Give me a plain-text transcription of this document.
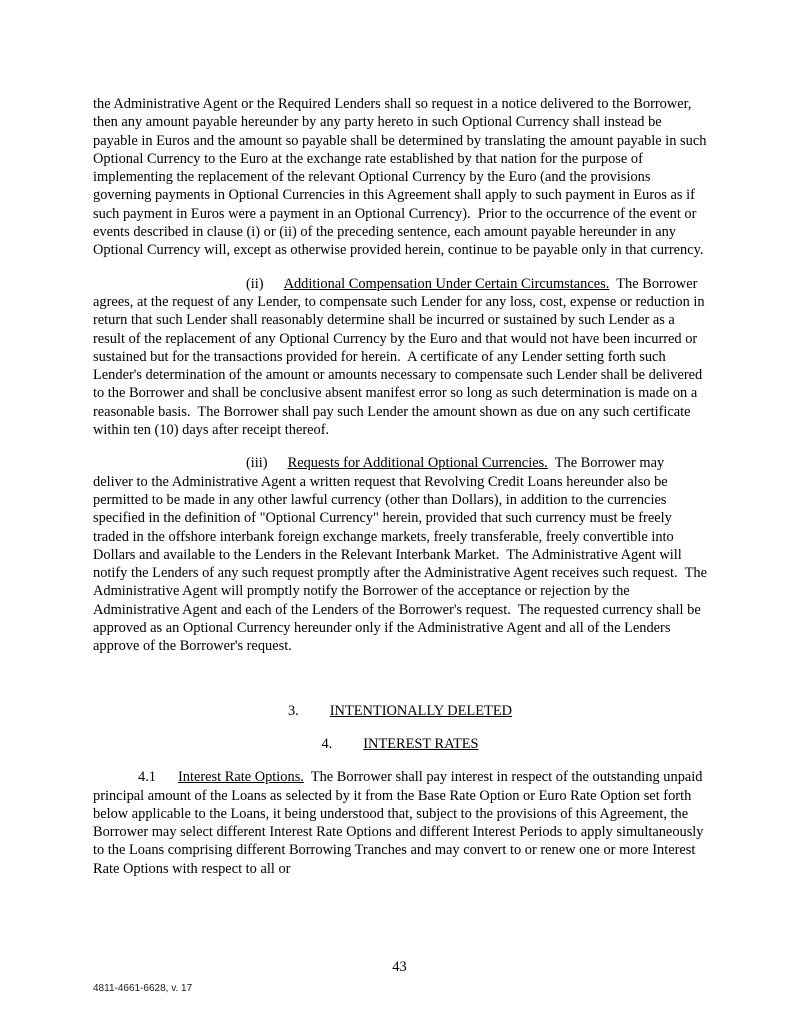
the Administrative Agent or the Required Lenders shall so request in a notice delivered to the Borrower, then any amount payable hereunder by any party hereto in such Optional Currency shall instead be payable in Euros and the amount so payable shall be determined by translating the amount payable in such Optional Currency to the Euro at the exchange rate established by that nation for the purpose of implementing the replacement of the relevant Optional Currency by the Euro (and the provisions governing payments in Optional Currencies in this Agreement shall apply to such payment in Euros as if such payment in Euros were a payment in an Optional Currency).  Prior to the occurrence of the event or events described in clause (i) or (ii) of the preceding sentence, each amount payable hereunder in any Optional Currency will, except as otherwise provided herein, continue to be payable only in that currency.

(ii) Additional Compensation Under Certain Circumstances.  The Borrower agrees, at the request of any Lender, to compensate such Lender for any loss, cost, expense or reduction in return that such Lender shall reasonably determine shall be incurred or sustained by such Lender as a result of the replacement of any Optional Currency by the Euro and that would not have been incurred or sustained but for the transactions provided for herein.  A certificate of any Lender setting forth such Lender's determination of the amount or amounts necessary to compensate such Lender shall be delivered to the Borrower and shall be conclusive absent manifest error so long as such determination is made on a reasonable basis.  The Borrower shall pay such Lender the amount shown as due on any such certificate within ten (10) days after receipt thereof.

(iii) Requests for Additional Optional Currencies.  The Borrower may deliver to the Administrative Agent a written request that Revolving Credit Loans hereunder also be permitted to be made in any other lawful currency (other than Dollars), in addition to the currencies specified in the definition of "Optional Currency" herein, provided that such currency must be freely traded in the offshore interbank foreign exchange markets, freely transferable, freely convertible into Dollars and available to the Lenders in the Relevant Interbank Market.  The Administrative Agent will notify the Lenders of any such request promptly after the Administrative Agent receives such request.  The Administrative Agent will promptly notify the Borrower of the acceptance or rejection by the Administrative Agent and each of the Lenders of the Borrower's request.  The requested currency shall be approved as an Optional Currency hereunder only if the Administrative Agent and all of the Lenders approve of the Borrower's request.

3. INTENTIONALLY DELETED
4. INTEREST RATES

4.1 Interest Rate Options.  The Borrower shall pay interest in respect of the outstanding unpaid principal amount of the Loans as selected by it from the Base Rate Option or Euro Rate Option set forth below applicable to the Loans, it being understood that, subject to the provisions of this Agreement, the Borrower may select different Interest Rate Options and different Interest Periods to apply simultaneously to the Loans comprising different Borrowing Tranches and may convert to or renew one or more Interest Rate Options with respect to all or

43
4811-4661-6628, v. 17
